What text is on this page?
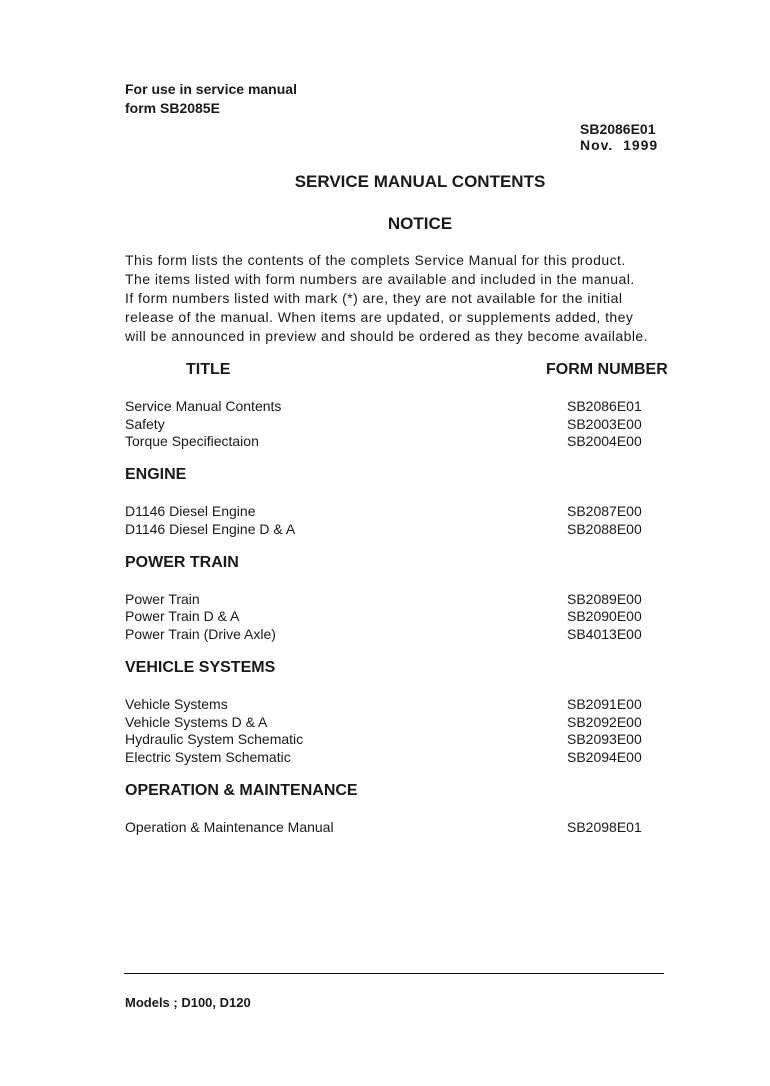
For use in service manual
form SB2085E
SB2086E01
Nov.  1999
SERVICE MANUAL CONTENTS
NOTICE
This form lists the contents of the complets Service Manual for this product.
The items listed with form numbers are available and included in the manual.
If form numbers listed with mark (*) are, they are not available for the initial
release of the manual. When items are updated, or supplements added, they
will be announced in preview and should be ordered as they become available.
TITLE	FORM NUMBER
Service Manual Contents	SB2086E01
Safety	SB2003E00
Torque Specifiectaion	SB2004E00
ENGINE
D1146 Diesel Engine	SB2087E00
D1146 Diesel Engine D & A	SB2088E00
POWER TRAIN
Power Train	SB2089E00
Power Train D & A	SB2090E00
Power Train (Drive Axle)	SB4013E00
VEHICLE SYSTEMS
Vehicle Systems	SB2091E00
Vehicle Systems D & A	SB2092E00
Hydraulic System Schematic	SB2093E00
Electric System Schematic	SB2094E00
OPERATION & MAINTENANCE
Operation & Maintenance Manual	SB2098E01
Models ; D100, D120
